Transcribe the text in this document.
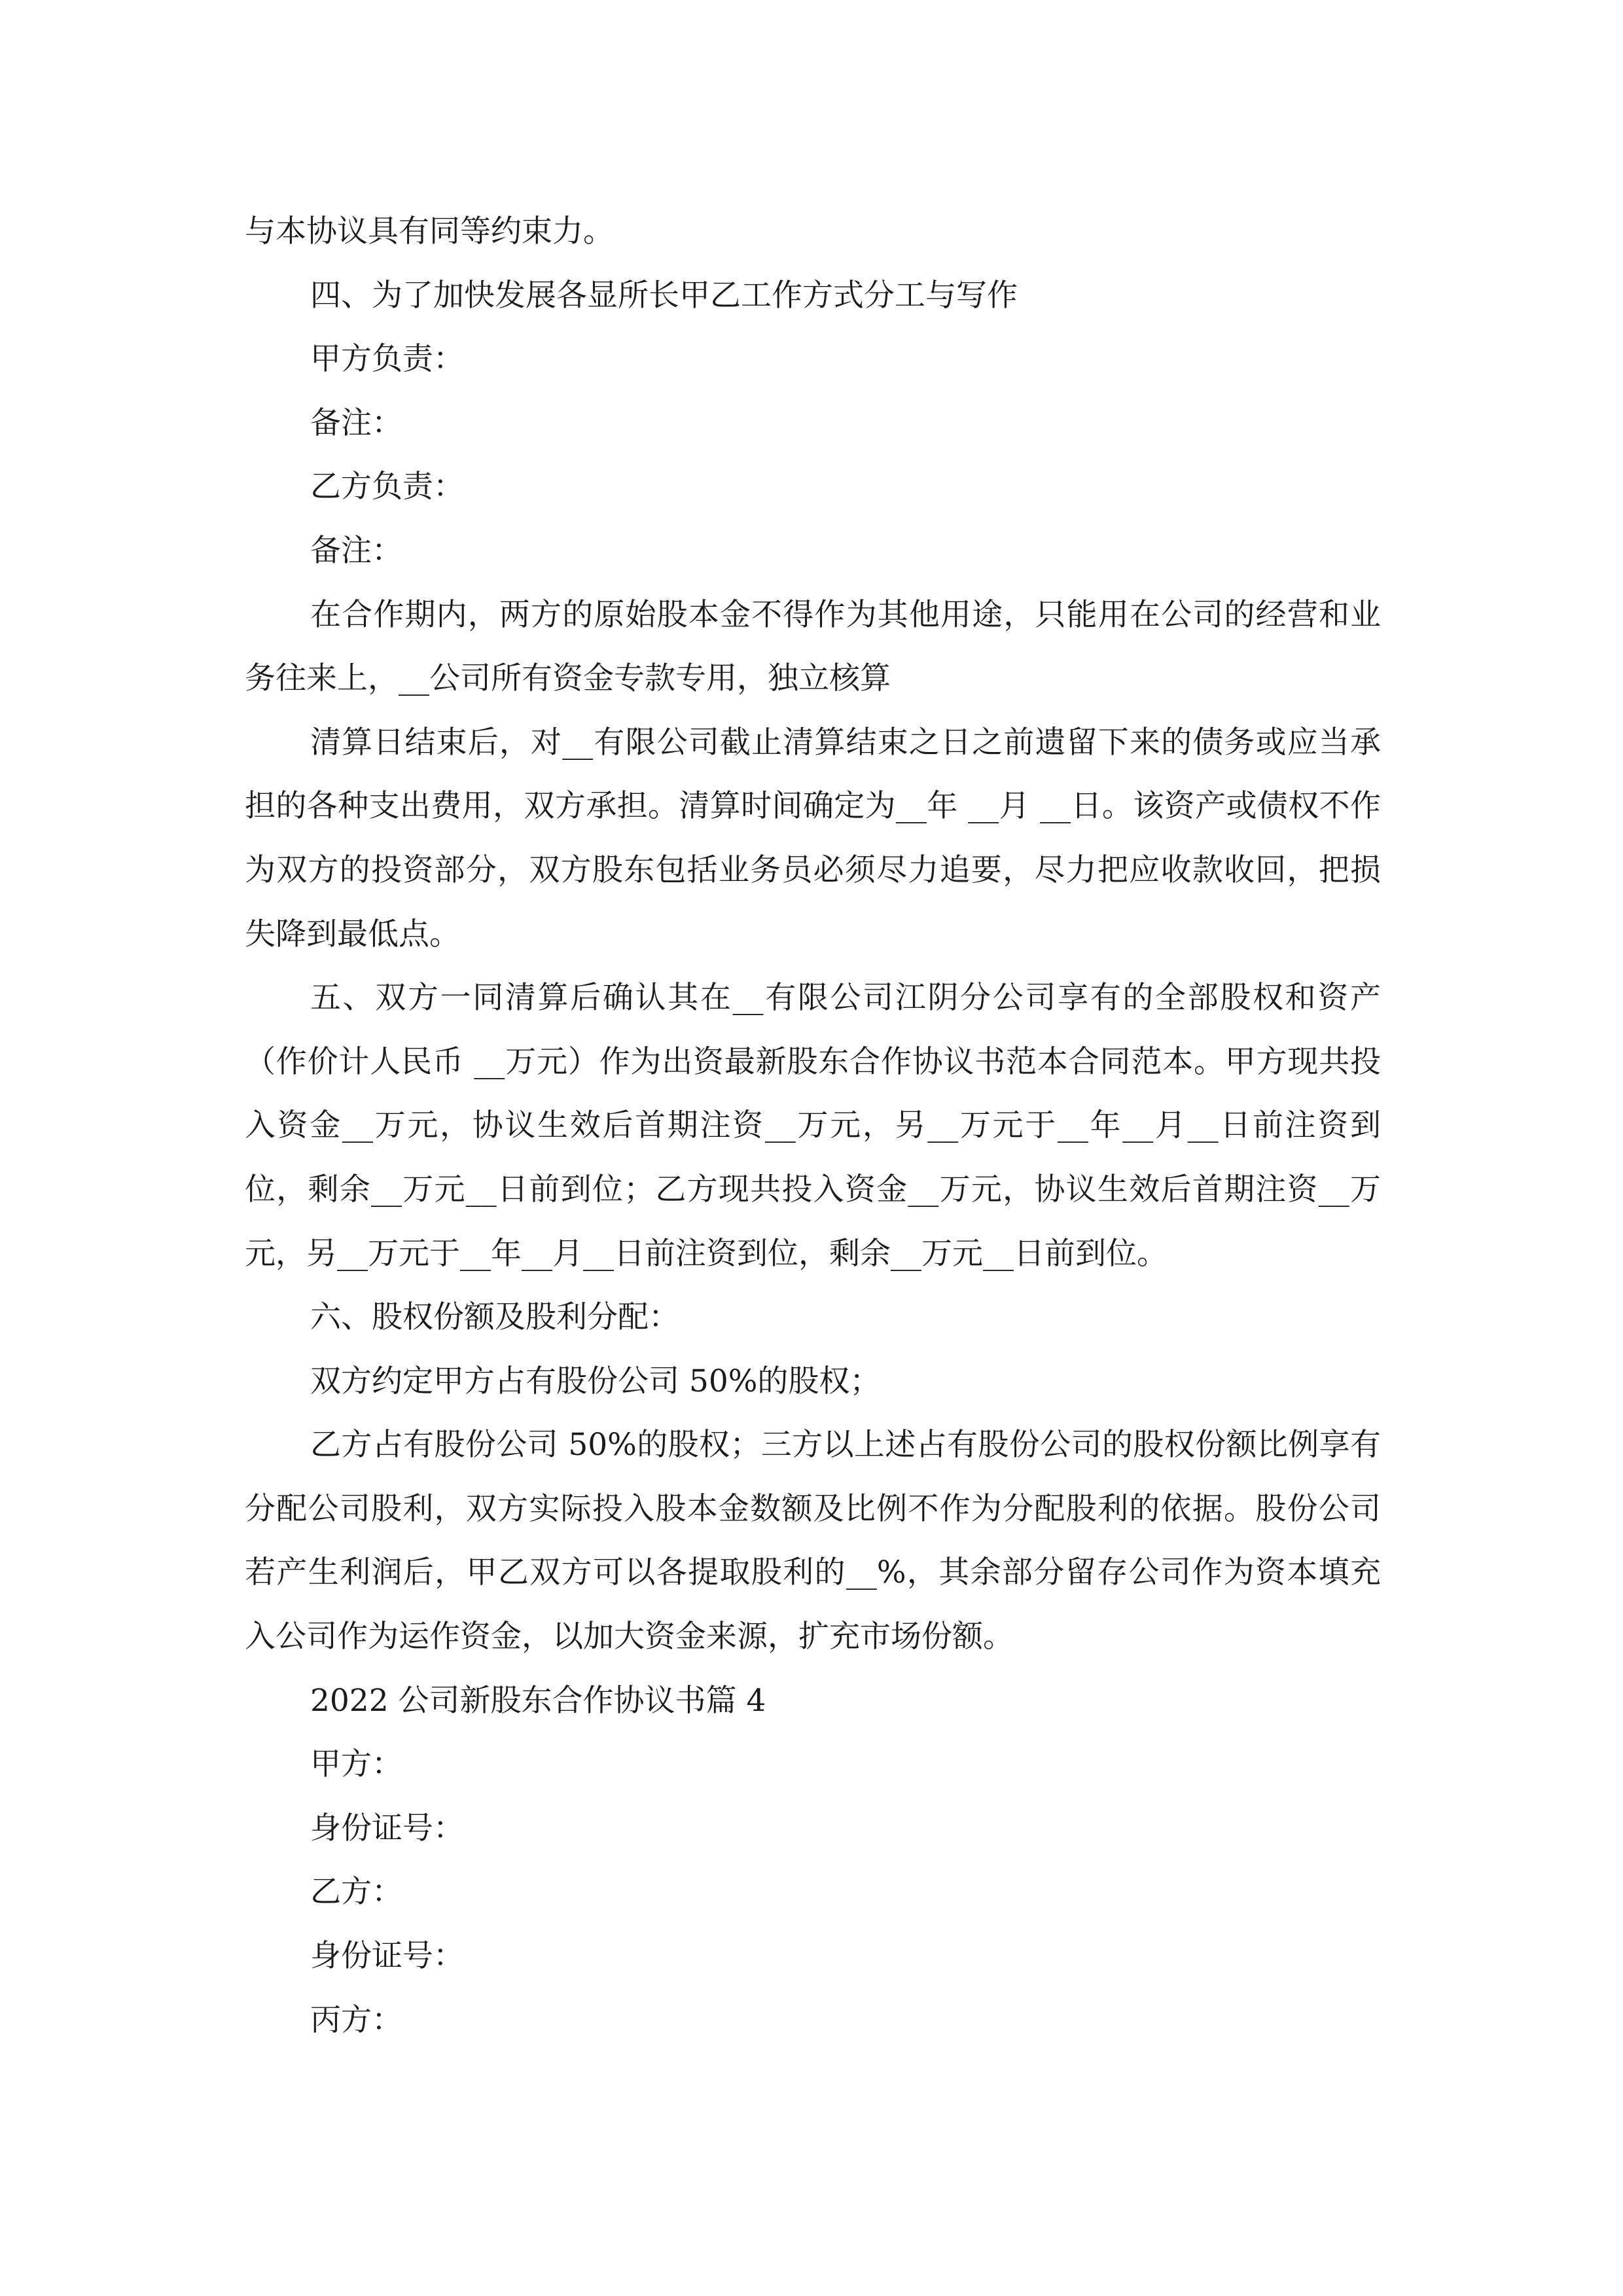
与本协议具有同等约束力。

四、为了加快发展各显所长甲乙工作方式分工与写作

甲方负责：

备注：

乙方负责：

备注：

在合作期内，两方的原始股本金不得作为其他用途，只能用在公司的经营和业务往来上，__公司所有资金专款专用，独立核算

清算日结束后，对__有限公司截止清算结束之日之前遗留下来的债务或应当承担的各种支出费用，双方承担。清算时间确定为__年 __月 __日。该资产或债权不作为双方的投资部分，双方股东包括业务员必须尽力追要，尽力把应收款收回，把损失降到最低点。

五、双方一同清算后确认其在__有限公司江阴分公司享有的全部股权和资产（作价计人民币 __万元）作为出资最新股东合作协议书范本合同范本。甲方现共投入资金__万元，协议生效后首期注资__万元，另__万元于__年__月__日前注资到位，剩余__万元__日前到位；乙方现共投入资金__万元，协议生效后首期注资__万元，另__万元于__年__月__日前注资到位，剩余__万元__日前到位。

六、股权份额及股利分配：

双方约定甲方占有股份公司 50%的股权；

乙方占有股份公司 50%的股权；三方以上述占有股份公司的股权份额比例享有分配公司股利，双方实际投入股本金数额及比例不作为分配股利的依据。股份公司若产生利润后，甲乙双方可以各提取股利的__%，其余部分留存公司作为资本填充入公司作为运作资金，以加大资金来源，扩充市场份额。

2022 公司新股东合作协议书篇 4

甲方：

身份证号：

乙方：

身份证号：

丙方：
